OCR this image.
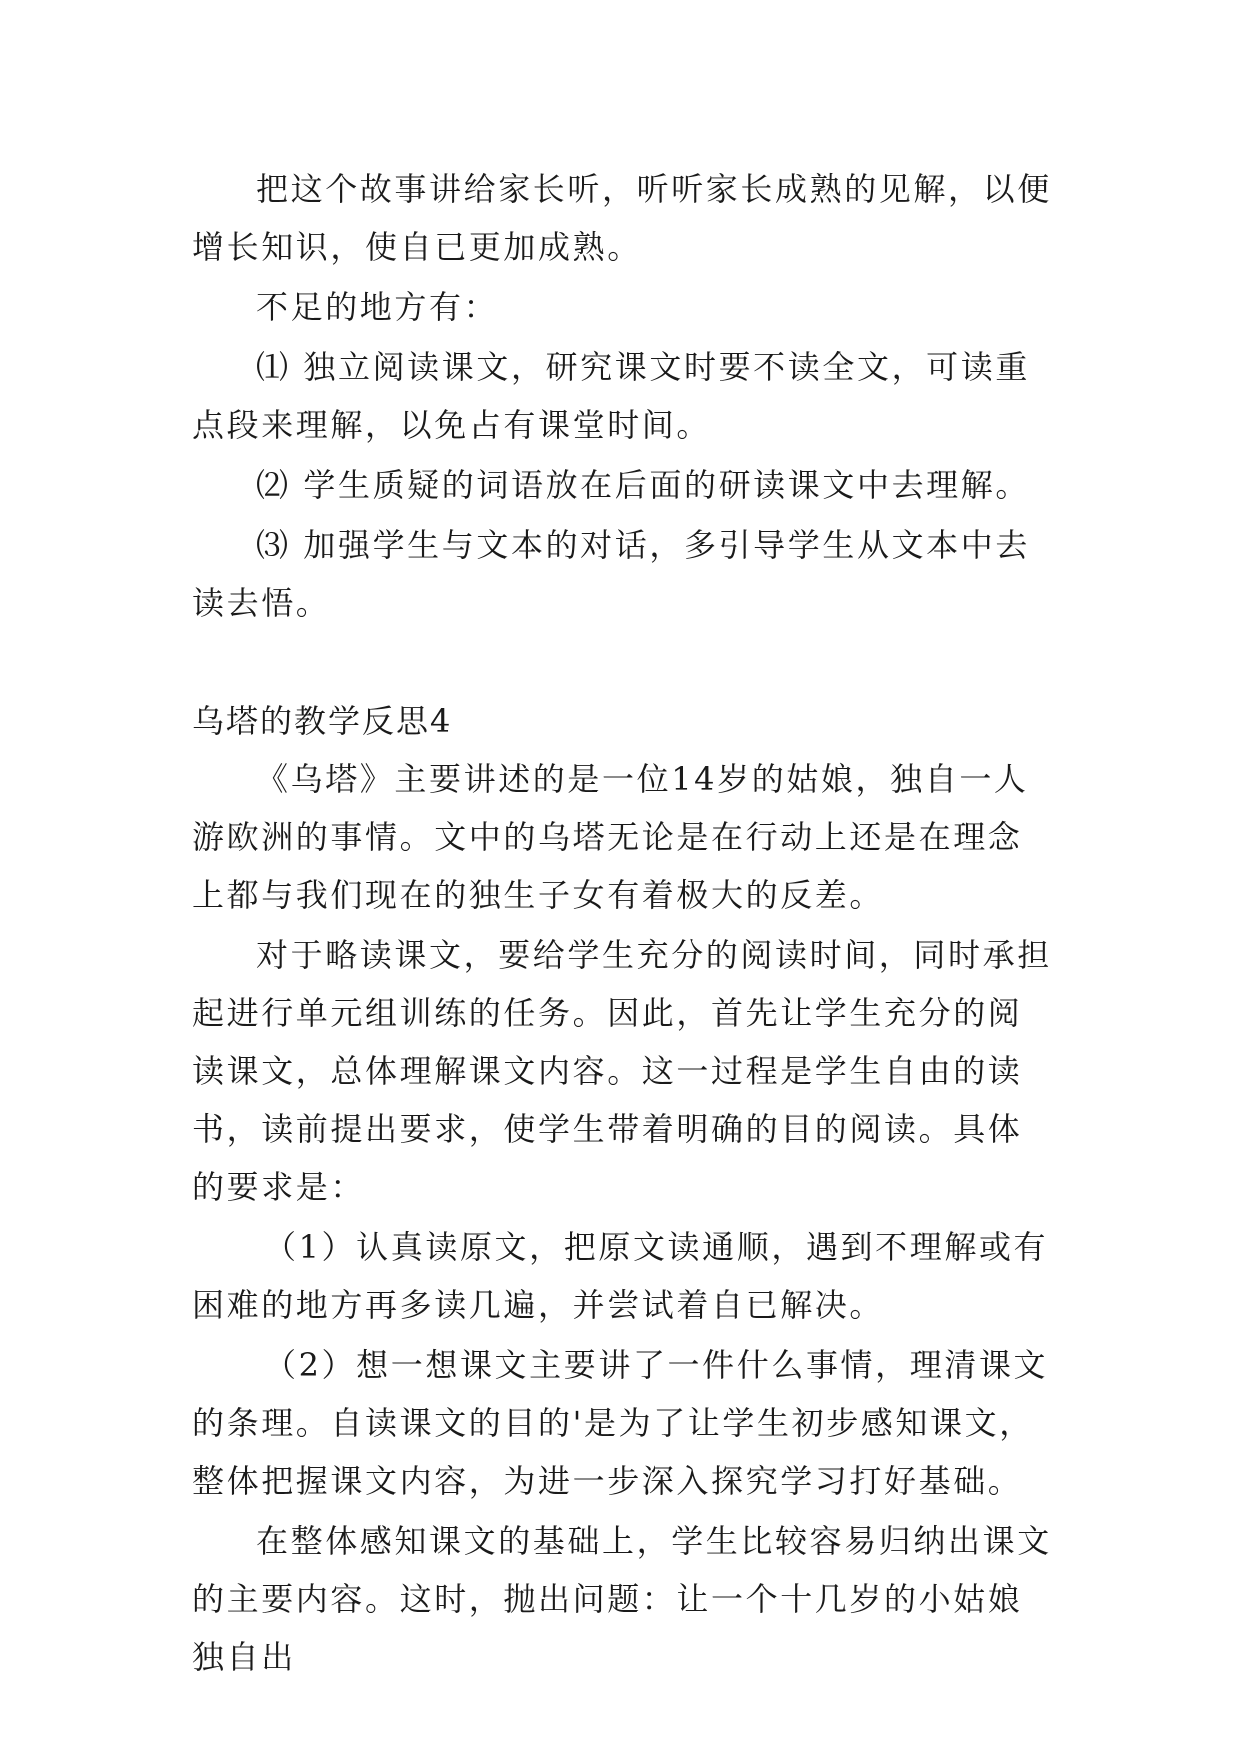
把这个故事讲给家长听，听听家长成熟的见解，以便增长知识，使自已更加成熟。

不足的地方有：

⑴ 独立阅读课文，研究课文时要不读全文，可读重点段来理解，以免占有课堂时间。

⑵ 学生质疑的词语放在后面的研读课文中去理解。

⑶ 加强学生与文本的对话，多引导学生从文本中去读去悟。

乌塔的教学反思4

《乌塔》主要讲述的是一位14岁的姑娘，独自一人游欧洲的事情。文中的乌塔无论是在行动上还是在理念上都与我们现在的独生子女有着极大的反差。

对于略读课文，要给学生充分的阅读时间，同时承担起进行单元组训练的任务。因此，首先让学生充分的阅读课文，总体理解课文内容。这一过程是学生自由的读书，读前提出要求，使学生带着明确的目的阅读。具体的要求是：

（1）认真读原文，把原文读通顺，遇到不理解或有困难的地方再多读几遍，并尝试着自已解决。

（2）想一想课文主要讲了一件什么事情，理清课文的条理。自读课文的目的'是为了让学生初步感知课文，整体把握课文内容，为进一步深入探究学习打好基础。

在整体感知课文的基础上，学生比较容易归纳出课文的主要内容。这时，抛出问题：让一个十几岁的小姑娘独自出
